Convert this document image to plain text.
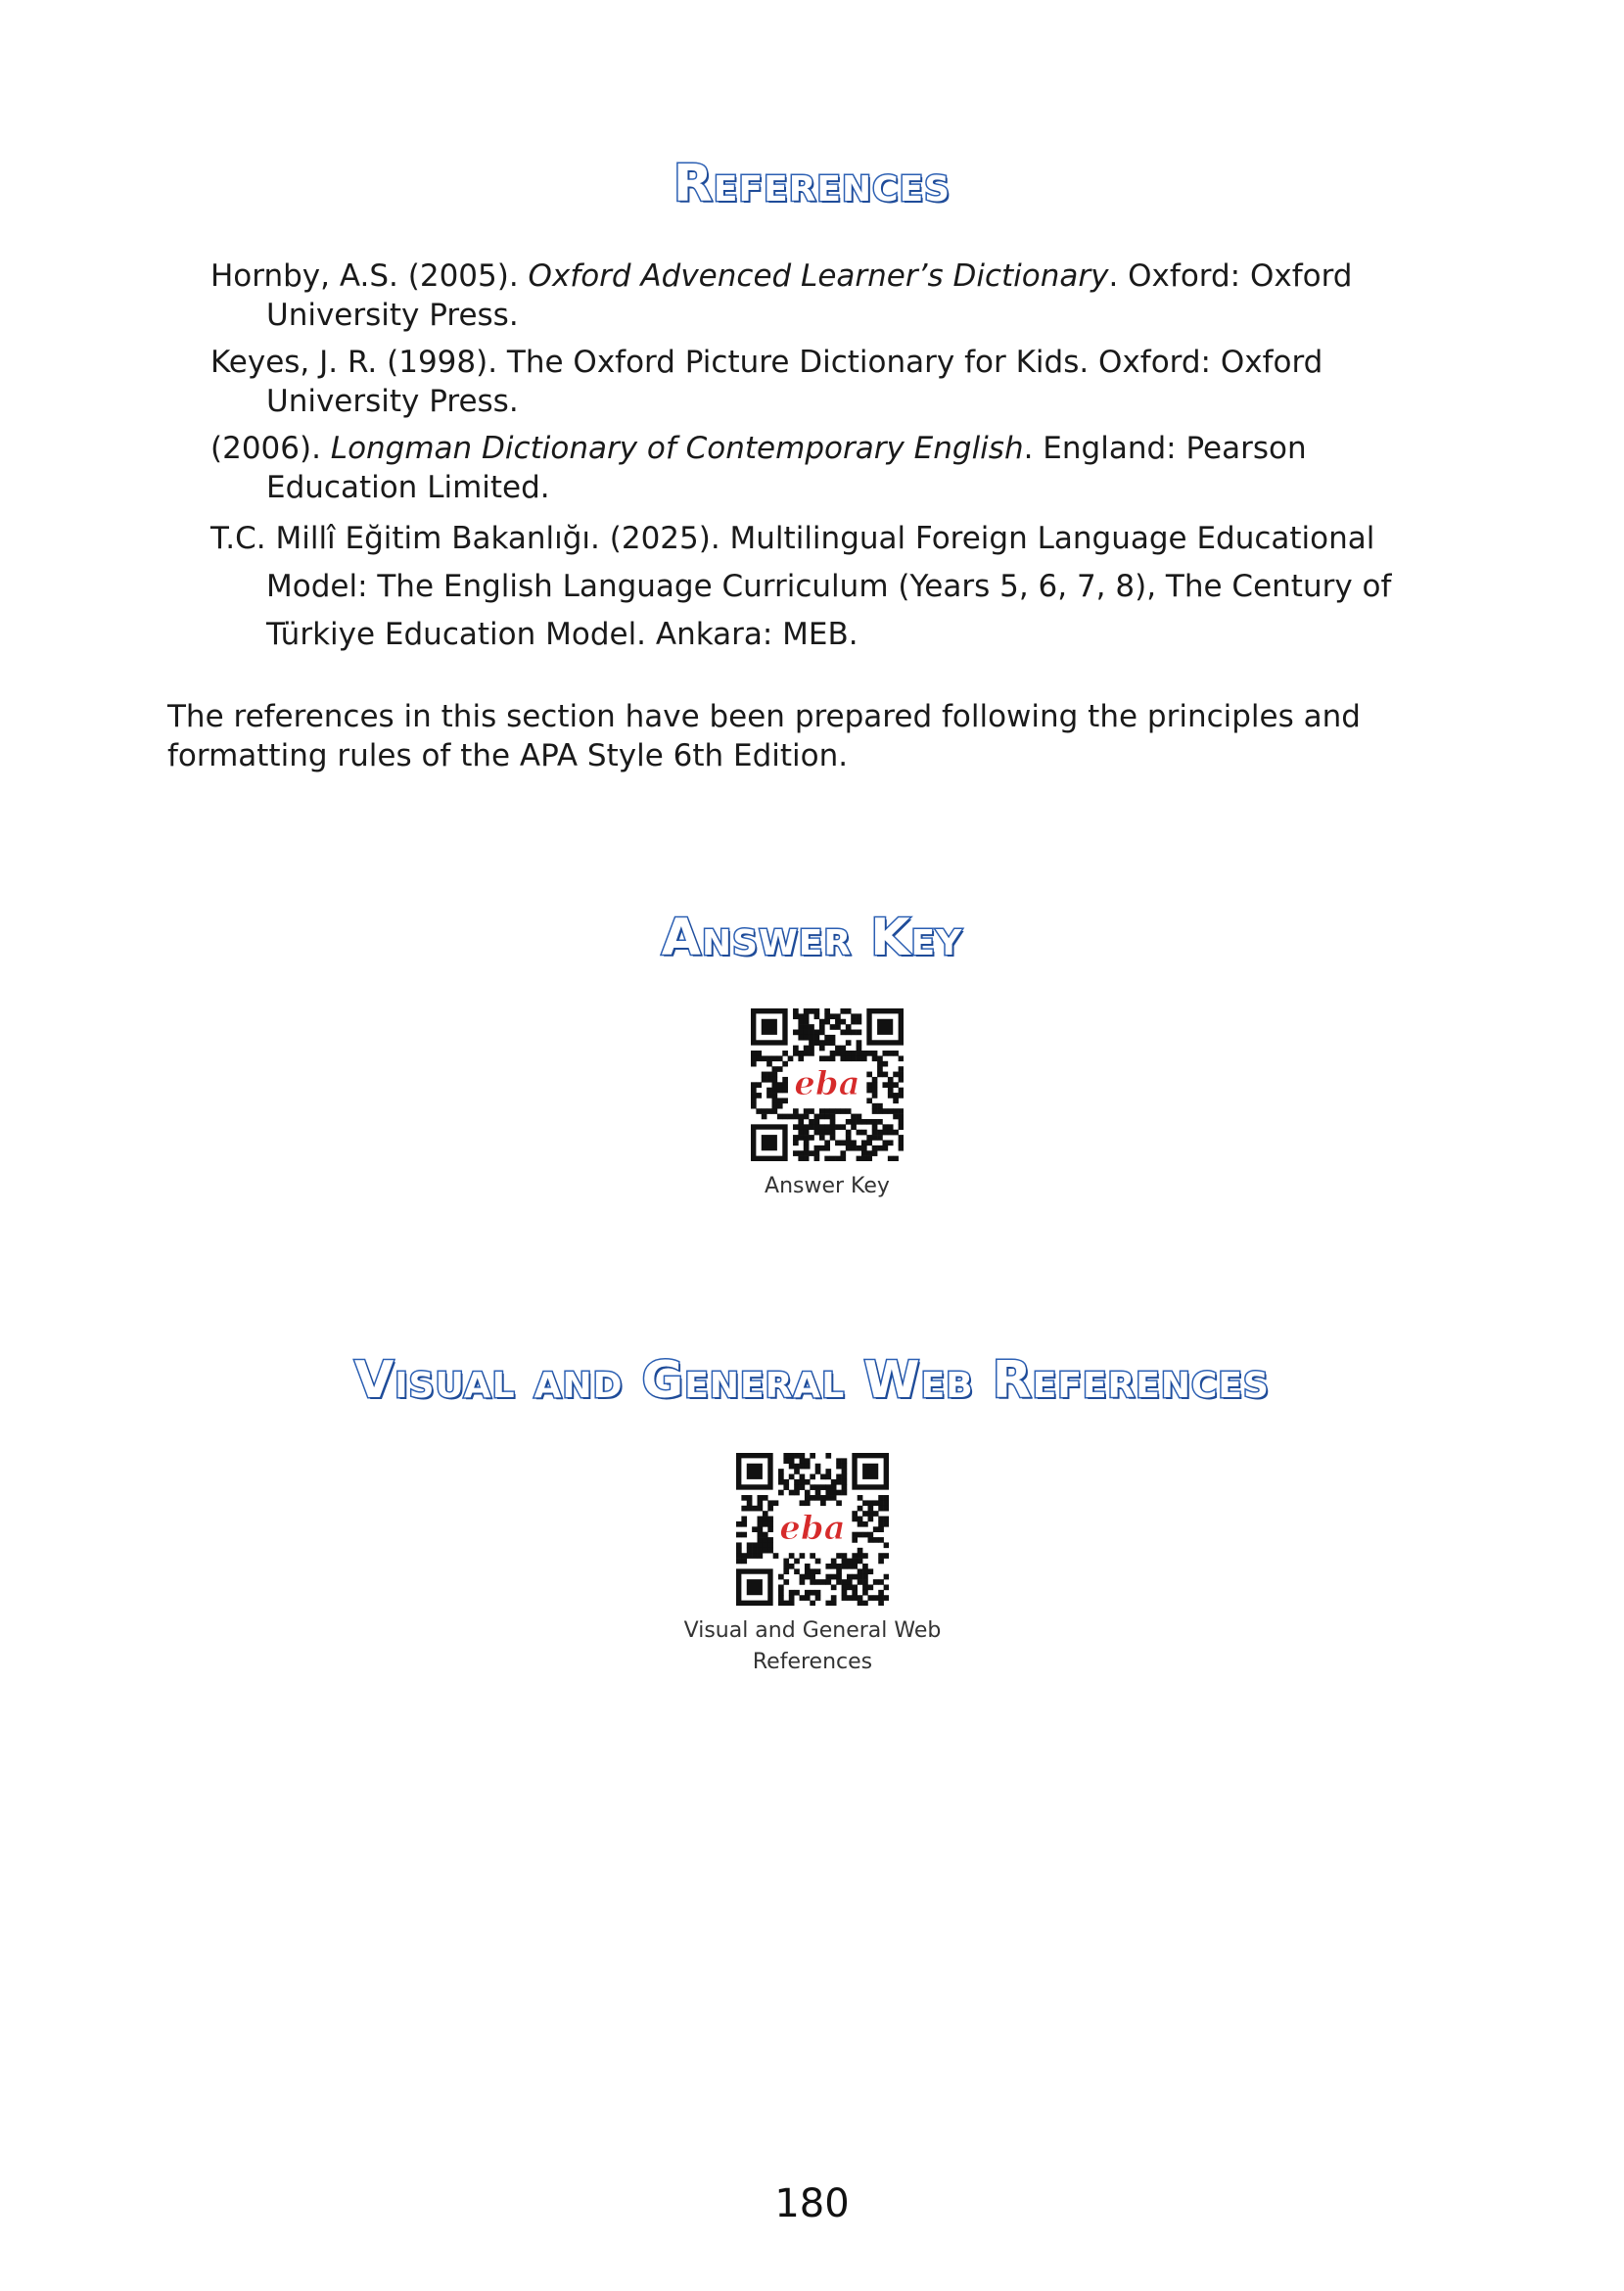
References

Hornby, A.S. (2005). Oxford Advenced Learner’s Dictionary. Oxford: Oxford University Press.

Keyes, J. R. (1998). The Oxford Picture Dictionary for Kids. Oxford: Oxford University Press.

(2006). Longman Dictionary of Contemporary English. England: Pearson Education Limited.

T.C. Millî Eğitim Bakanlığı. (2025). Multilingual Foreign Language Educational Model: The English Language Curriculum (Years 5, 6, 7, 8), The Century of Türkiye Education Model. Ankara: MEB.

The references in this section have been prepared following the principles and formatting rules of the APA Style 6th Edition.
Answer Key
eba
Answer Key
Visual and General Web References
eba
Visual and General Web
References
180
